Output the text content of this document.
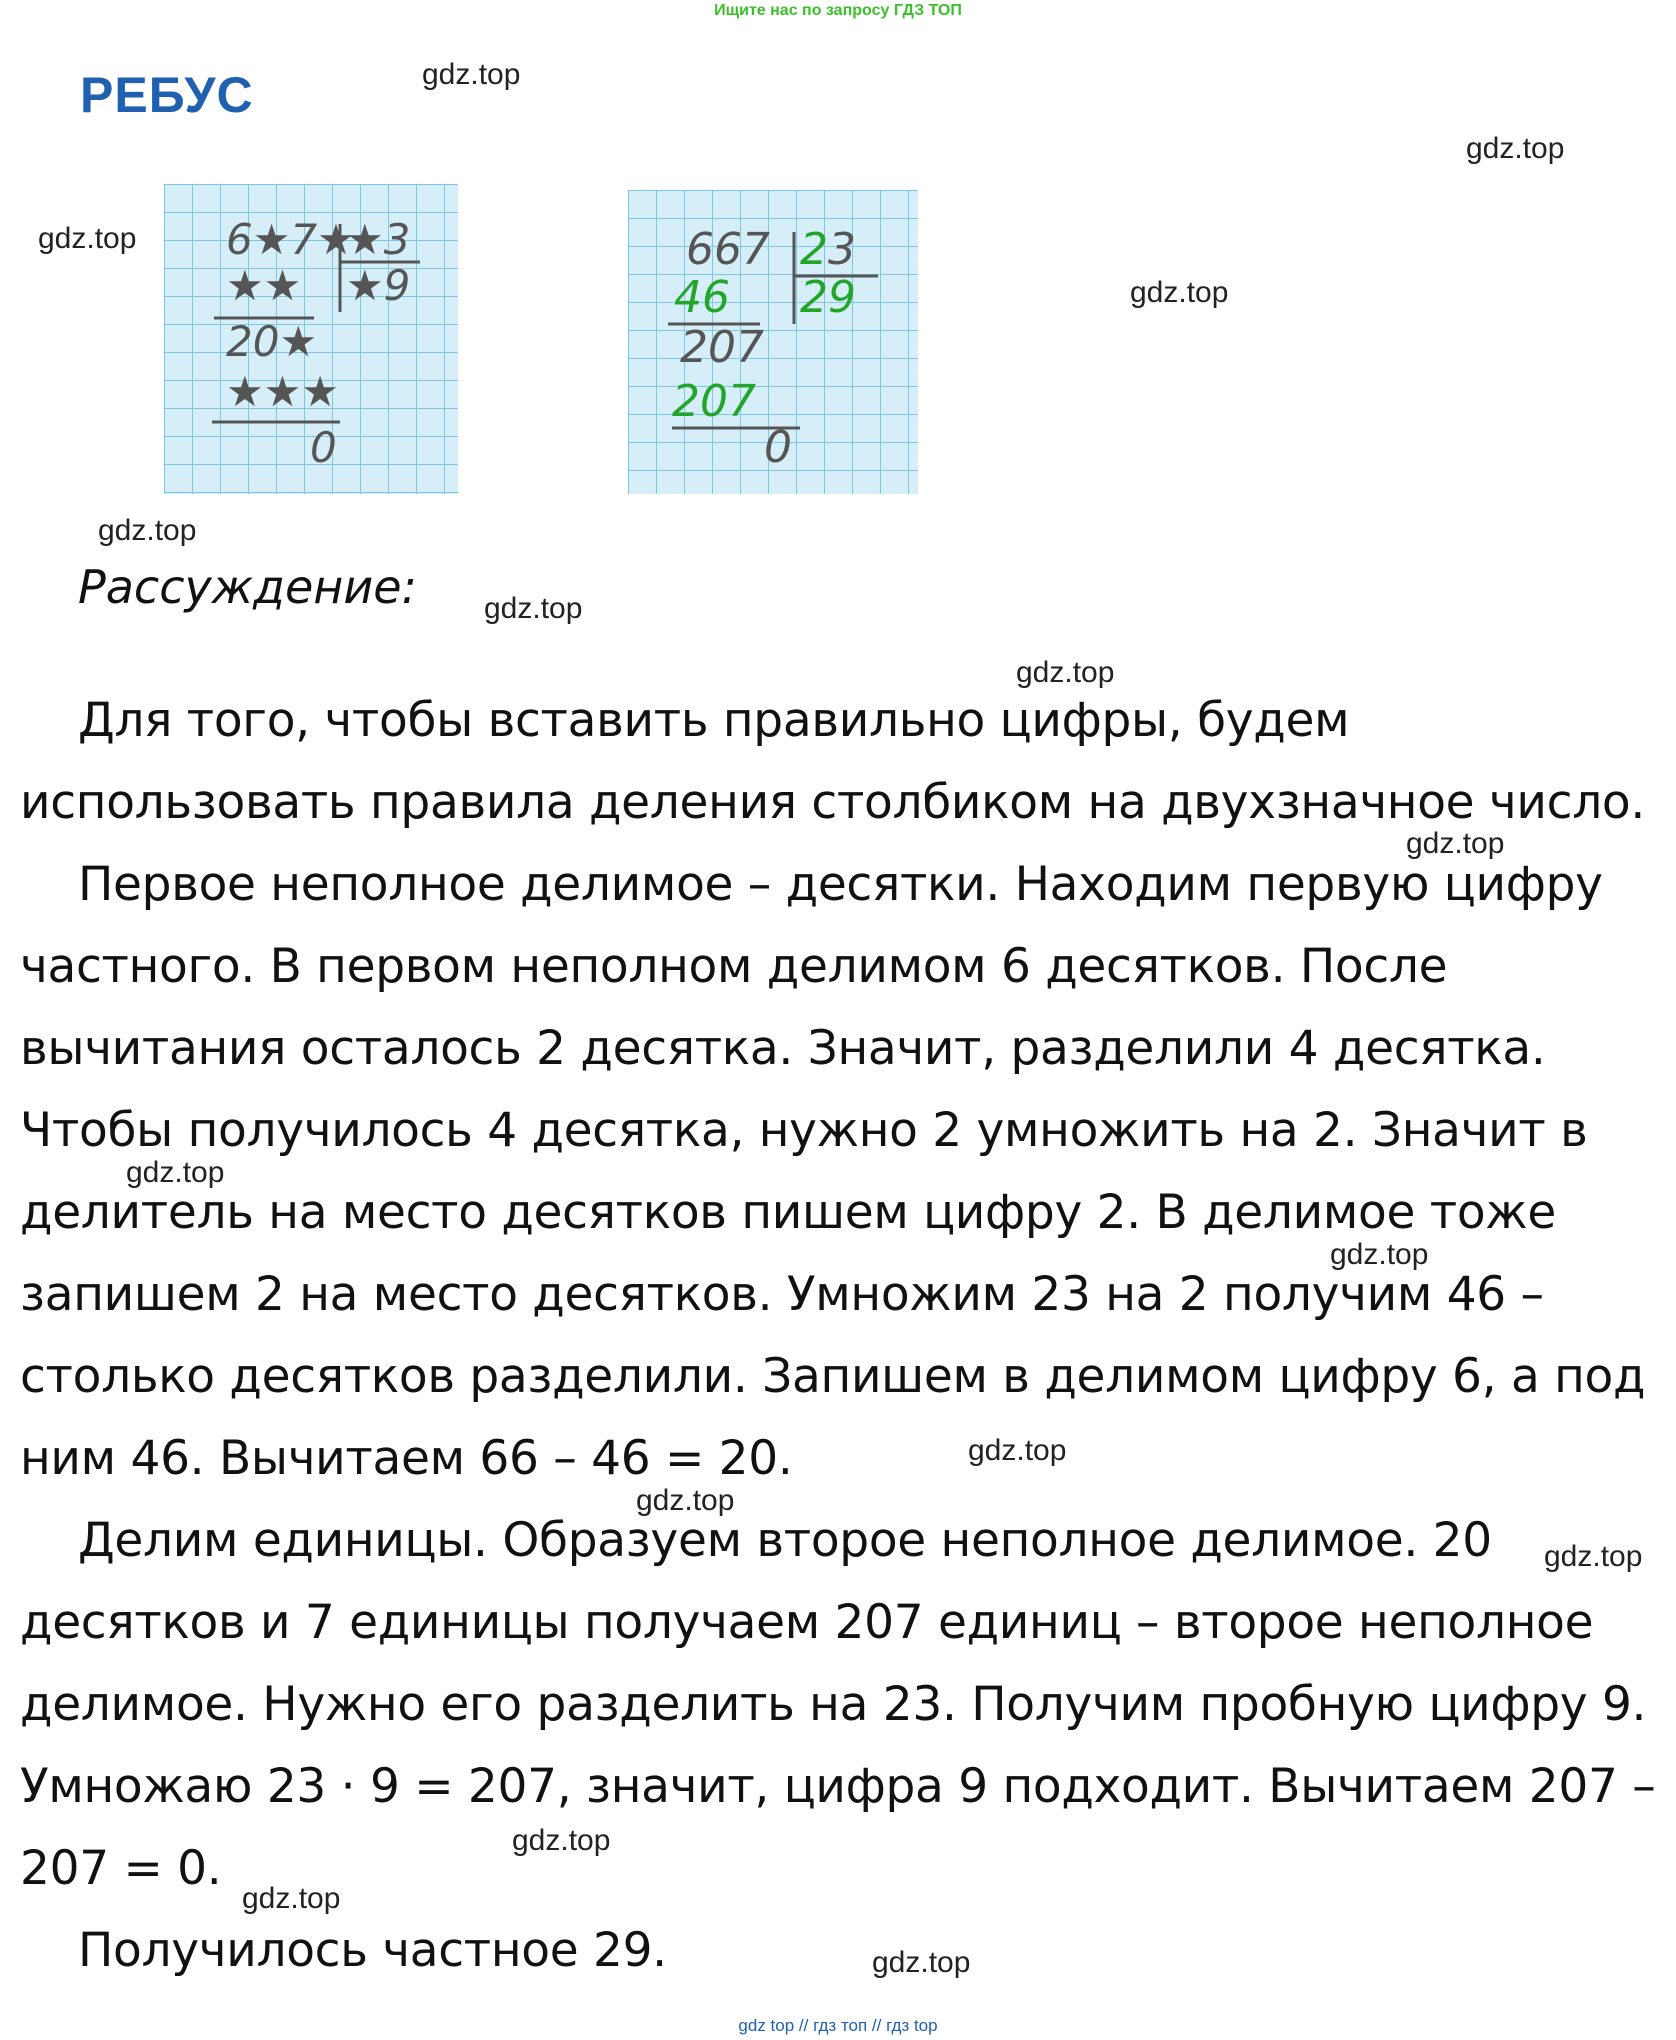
Ищите нас по запросу ГДЗ ТОП
РЕБУС	gdz.top
gdz.top
gdz.top
gdz.top
gdz.top
gdz.top
gdz.top
gdz.top
gdz.top
gdz.top
gdz.top
gdz.top
gdz.top
gdz.top
gdz.top
gdz.top
6★7★
★3
★★ ★9
20★
★★★
0
667 23
46 29
207
207
0
Рассуждение:

Для того, чтобы вставить правильно цифры, будем использовать правила деления столбиком на двухзначное число.

Первое неполное делимое – десятки. Находим первую цифру частного. В первом неполном делимом 6 десятков. После вычитания осталось 2 десятка. Значит, разделили 4 десятка. Чтобы получилось 4 десятка, нужно 2 умножить на 2. Значит в делитель на место десятков пишем цифру 2. В делимое тоже запишем 2 на место десятков. Умножим 23 на 2 получим 46 – столько десятков разделили. Запишем в делимом цифру 6, а под ним 46. Вычитаем 66 – 46 = 20.

Делим единицы. Образуем второе неполное делимое. 20 десятков и 7 единицы получаем 207 единиц – второе неполное делимое. Нужно его разделить на 23. Получим пробную цифру 9. Умножаю 23 · 9 = 207, значит, цифра 9 подходит. Вычитаем 207 – 207 = 0.

Получилось частное 29.

gdz top // гдз топ // гдз top
